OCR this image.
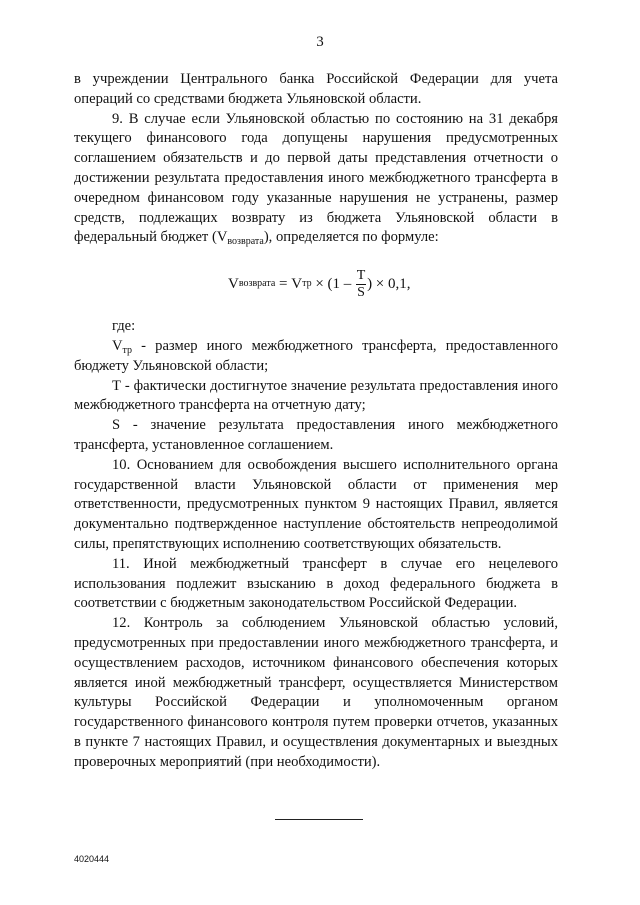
3

в учреждении Центрального банка Российской Федерации для учета операций со средствами бюджета Ульяновской области.

9. В случае если Ульяновской областью по состоянию на 31 декабря текущего финансового года допущены нарушения предусмотренных соглашением обязательств и до первой даты представления отчетности о достижении результата предоставления иного межбюджетного трансферта в очередном финансовом году указанные нарушения не устранены, размер средств, подлежащих возврату из бюджета Ульяновской области в федеральный бюджет $(V_{возврата})$, определяется по формуле:

V возврата = V тр × ($1 - \frac{T}{S}$ ) × 0,1,
где:

$V_{тр}$ - размер иного межбюджетного трансферта, предоставленного бюджету Ульяновской области;

Т - фактически достигнутое значение результата предоставления иного межбюджетного трансферта на отчетную дату;

S - значение результата предоставления иного межбюджетного трансферта, установленное соглашением.

10. Основанием для освобождения высшего исполнительного органа государственной власти Ульяновской области от применения мер ответственности, предусмотренных пунктом 9 настоящих Правил, является документально подтвержденное наступление обстоятельств непреодолимой силы, препятствующих исполнению соответствующих обязательств.

11. Иной межбюджетный трансферт в случае его нецелевого использования подлежит взысканию в доход федерального бюджета в соответствии с бюджетным законодательством Российской Федерации.

12. Контроль за соблюдением Ульяновской областью условий, предусмотренных при предоставлении иного межбюджетного трансферта, и осуществлением расходов, источником финансового обеспечения которых является иной межбюджетный трансферт, осуществляется Министерством культуры Российской Федерации и уполномоченным органом государственного финансового контроля путем проверки отчетов, указанных в пункте 7 настоящих Правил, и осуществления документарных и выездных проверочных мероприятий (при необходимости).

4020444
